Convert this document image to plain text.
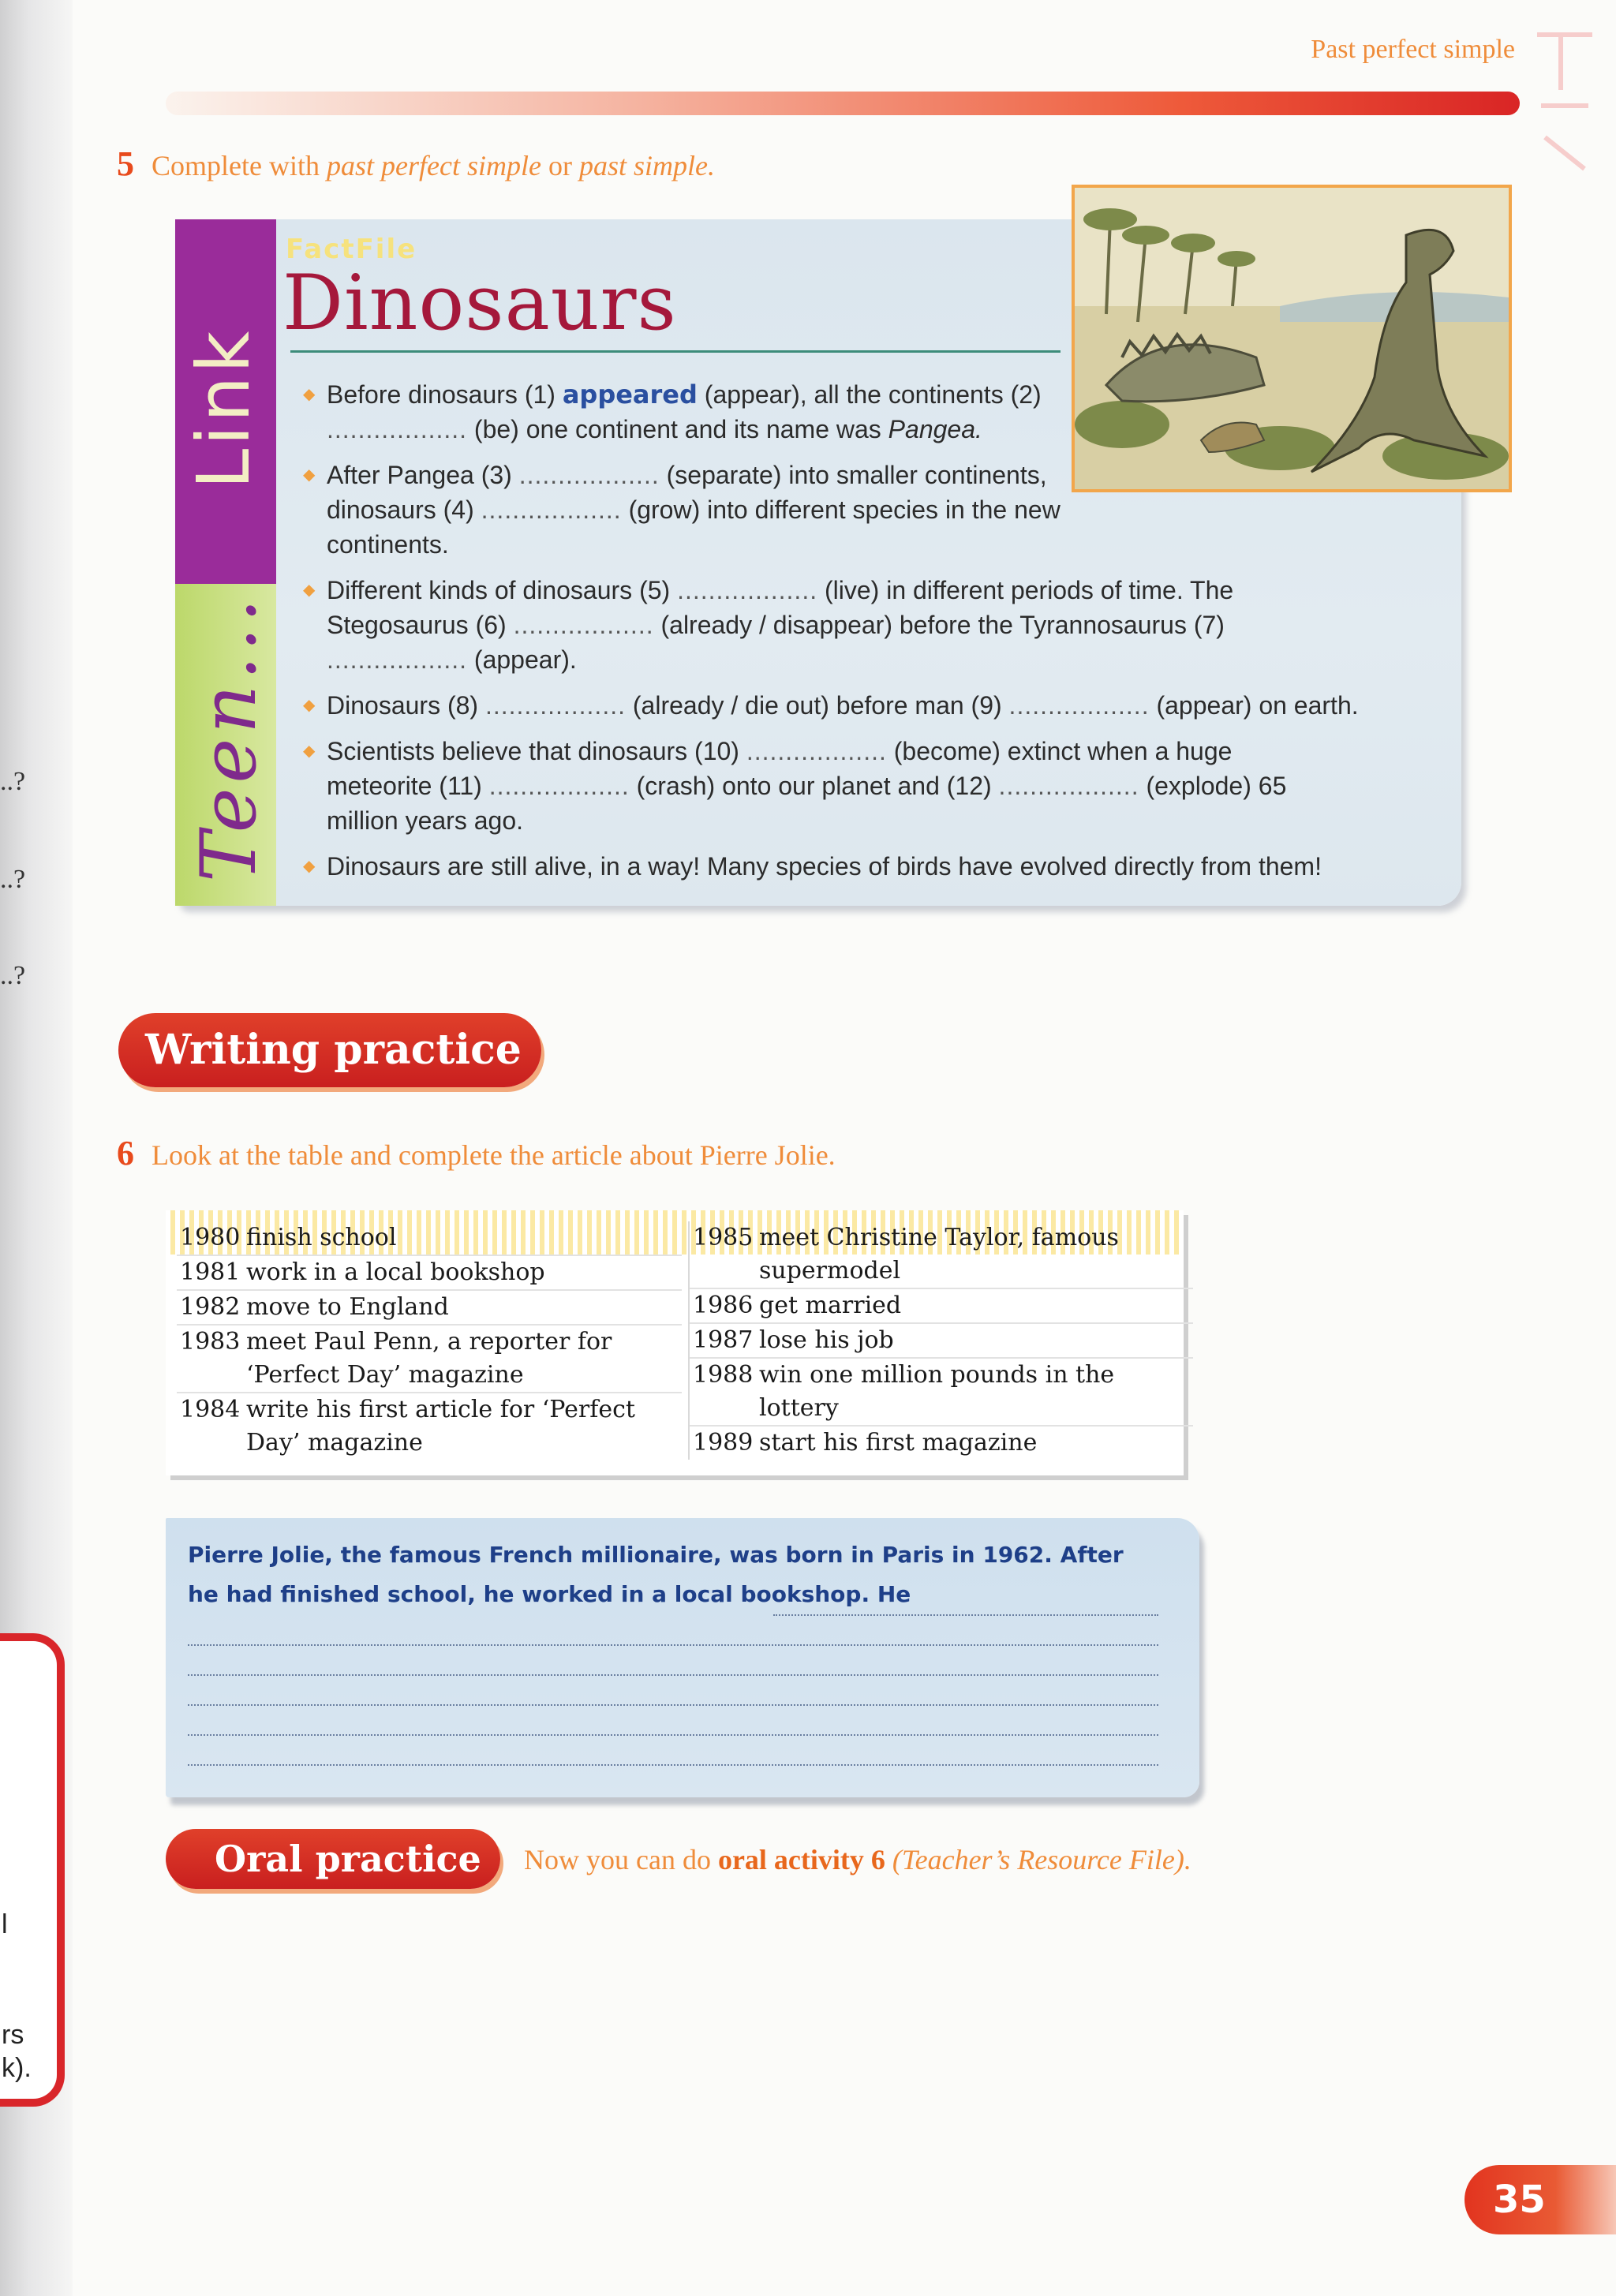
..?
..?
..?
l
rs
k).
Past perfect simple
5 Complete with past perfect simple or past simple.
Link
Teen...
FactFile
Dinosaurs
◆ Before dinosaurs (1) appeared (appear), all the continents (2) .................. (be) one continent and its name was Pangea.
◆ After Pangea (3) .................. (separate) into smaller continents, dinosaurs (4) .................. (grow) into different species in the new continents.
◆ Different kinds of dinosaurs (5) .................. (live) in different periods of time. The Stegosaurus (6) .................. (already / disappear) before the Tyrannosaurus (7) .................. (appear).
◆ Dinosaurs (8) .................. (already / die out) before man (9) .................. (appear) on earth.
◆ Scientists believe that dinosaurs (10) .................. (become) extinct when a huge meteorite (11) .................. (crash) onto our planet and (12) .................. (explode) 65 million years ago.
◆ Dinosaurs are still alive, in a way! Many species of birds have evolved directly from them!
Writing practice
6 Look at the table and complete the article about Pierre Jolie.
1980 finish school
1981 work in a local bookshop
1982 move to England
1983 meet Paul Penn, a reporter for ‘Perfect Day’ magazine
1984 write his first article for ‘Perfect Day’ magazine
1985 meet Christine Taylor, famous supermodel
1986 get married
1987 lose his job
1988 win one million pounds in the lottery
1989 start his first magazine
Pierre Jolie, the famous French millionaire, was born in Paris in 1962. After he had finished school, he worked in a local bookshop. He
Oral practice	Now you can do oral activity 6 (Teacher’s Resource File).
35
